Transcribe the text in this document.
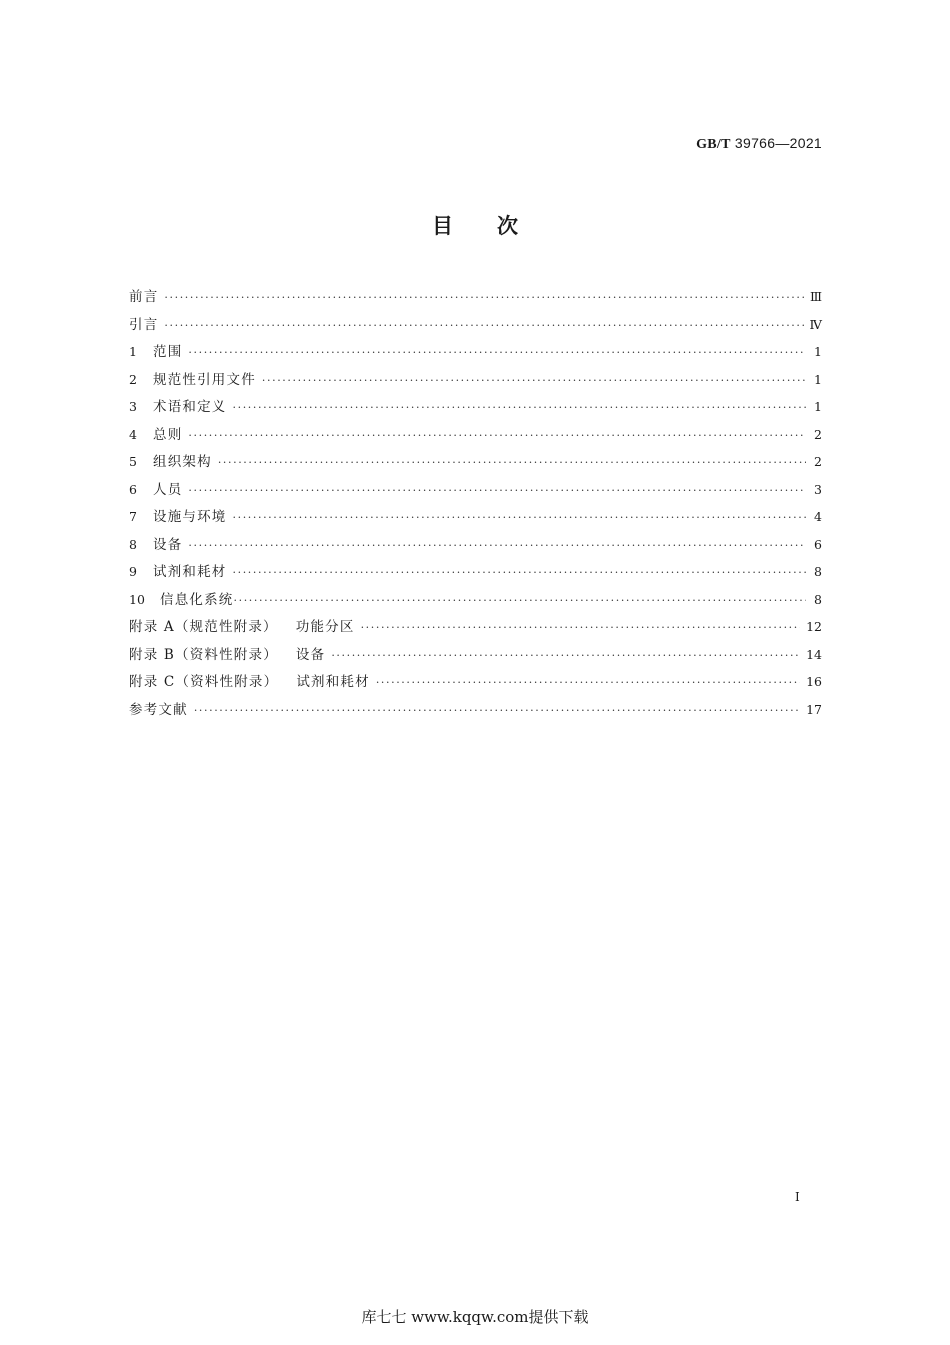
GB/T 39766—2021
目次
前言 ·····	Ⅲ
引言 ·····	Ⅳ
1	范围 ·····	1
2	规范性引用文件 ·····	1
3	术语和定义 ·····	1
4	总则 ·····	2
5	组织架构 ·····	2
6	人员 ·····	3
7	设施与环境 ·····	4
8	设备 ·····	6
9	试剂和耗材 ·····	8
10	信息化系统 ·····	8
附录 A（规范性附录） 功能分区 ·····	12
附录 B（资料性附录） 设备 ·····	14
附录 C（资料性附录） 试剂和耗材 ·····	16
参考文献 ·····	17
I
库七七 www.kqqw.com提供下载
